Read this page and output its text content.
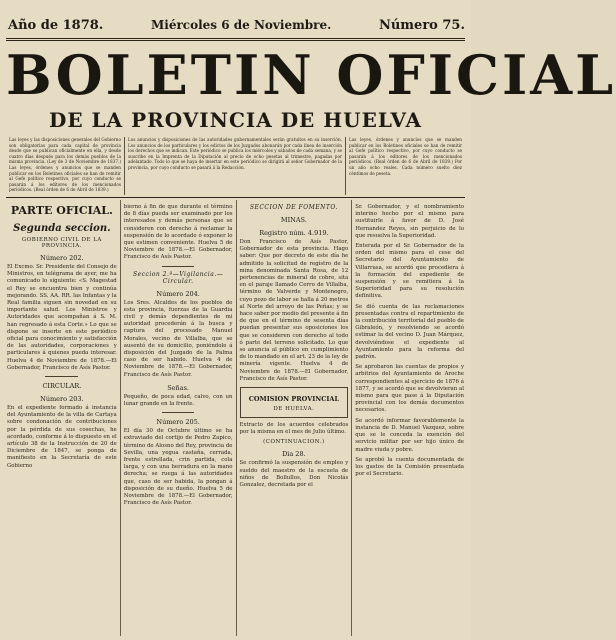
Año de 1878.	Miércoles 6 de Noviembre.	Número 75.
BOLETIN OFICIAL
DE LA PROVINCIA DE HUELVA
Las leyes y las disposiciones generales del Gobierno son obligatorias para cada capital de provincia desde que se publican oficialmente en ella, y desde cuatro días después para los demás pueblos de la misma provincia. (Ley de 3 de Noviembre de 1837.) Las leyes, órdenes y anuncios que se manden publicar en los Boletines oficiales se han de remitir al Gefe político respectivo, por cuyo conducto se pasarán á los editores de los mencionados periódicos. (Real órden de 6 de Abril de 1839.)
Los anuncios y disposiciones de las autoridades gubernamentales serán gratuitos en su inserción. Los anuncios de los particulares y los edictos de los Juzgados abonarán por cada línea de inserción los derechos que se indican. Este periódico se publica los miércoles y sábados de cada semana, y se suscribe en la Imprenta de la Diputación al precio de ocho pesetas al trimestre, pagadas por adelantado. Todo lo que se haya de insertar en este periódico se dirigirá al señor Gobernador de la provincia, por cuyo conducto se pasará á la Redacción.
Las leyes, órdenes y anuncios que se manden publicar en los Boletines oficiales se han de remitir al Gefe político respectivo, por cuyo conducto se pasarán á los editores de los mencionados periódicos. (Real órden de 6 de Abril de 1839.) Por un año ocho reales. Cada número suelto diez céntimos de peseta.
PARTE OFICIAL.
Segunda seccion.
GOBIERNO CIVIL DE LA PROVINCIA.
Número 202.
El Excmo. Sr. Presidente del Consejo de Ministros, en telégrama de ayer, me ha comunicado lo siguiente: «S. Magestad el Rey se encuentra bien y continúa mejorando. SS. AA. RR. las Infantas y la Real familia siguen sin novedad en su importante salud. Los Ministros y Autoridades que acompañan á S. M. han regresado á esta Corte.» Lo que se dispone se inserte en este periódico oficial para conocimiento y satisfacción de las autoridades, corporaciones y particulares á quienes pueda interesar. Huelva 4 de Noviembre de 1878.—El Gobernador, Francisco de Asís Pastor.
CIRCULAR.
Número 203.
En el expediente formado á instancia del Ayuntamiento de la villa de Cartaya sobre condonación de contribuciones por la pérdida de sus cosechas, he acordado, conforme á lo dispuesto en el artículo 38 de la Instrucción de 20 de Diciembre de 1847, se ponga de manifiesto en la Secretaría de este Gobierno
bierno á fin de que durante el término de 8 días pueda ser examinado por los interesados y demás personas que se consideren con derecho á reclamar la suspensión de lo acordado ó exponer lo que estimen conveniente. Huelva 5 de Noviembre de 1878.—El Gobernador, Francisco de Asís Pastor.
Seccion 2.ª—Vigilancia.—Circular.
Número 204.
Los Sres. Alcaldes de los pueblos de esta provincia, fuerzas de la Guardia civil y demás dependientes de mi autoridad procederán á la busca y captura del procesado Manuel Morales, vecino de Villalba, que se ausentó de su domicilio, poniéndole á disposición del Juzgado de la Palma caso de ser habido. Huelva 4 de Noviembre de 1878.—El Gobernador, Francisco de Asís Pastor.
Señas.
Pequeño, de poca edad, calvo, con un lunar grande en la frente.
Número 205.
El día 30 de Octubre último se ha extraviado del cortijo de Pedro Zapico, término de Alosno del Rey, provincia de Sevilla, una yegua castaña, cerrada, frente estrellada, crin partida, cola larga, y con una herradura en la mano derecha; se ruega á las autoridades que, caso de ser habida, la pongan á disposición de su dueño. Huelva 5 de Noviembre de 1878.—El Gobernador, Francisco de Asís Pastor.
SECCION DE FOMENTO.
MINAS.
Registro núm. 4.919.
Don Francisco de Asís Pastor, Gobernador de esta provincia. Hago saber: Que por decreto de este día he admitido la solicitud de registro de la mina denominada Santa Rosa, de 12 pertenencias de mineral de cobre, sita en el paraje llamado Cerro de Villalba, término de Valverde y Montenegro, cuyo pozo de labor se halla á 20 metros al Norte del arroyo de las Peñas; y se hace saber por medio del presente á fin de que en el término de sesenta días puedan presentar sus oposiciones los que se consideren con derecho al todo ó parte del terreno solicitado. Lo que se anuncia al público en cumplimiento de lo mandado en el art. 23 de la ley de minería vigente. Huelva 4 de Noviembre de 1878.—El Gobernador, Francisco de Asís Pastor.
COMISION PROVINCIAL
DE HUELVA.
Extracto de los acuerdos celebrados por la misma en el mes de Julio último.
(CONTINUACION.)
Dia 28.
Se confirmó la suspensión de empleo y sueldo del maestro de la escuela de niños de Bollullos, Don Nicolás Gonzalez, decretada por el
Sr. Gobernador, y el nombramiento interino hecho por el mismo para sustituirle á favor de D. José Hernandez Reyes, sin perjuicio de lo que resuelva la Superioridad.
Enterada por el Sr. Gobernador de la orden del mismo para el cese del Secretario del Ayuntamiento de Villarrasa, se acordó que procediera á la formación del expediente de suspensión y se remitiera á la Superioridad para su resolución definitiva.
Se dió cuenta de las reclamaciones presentadas contra el repartimiento de la contribución territorial del pueblo de Gibraleón, y resolviendo se acordó estimar la del vecino D. Juan Márquez, devolviéndose el expediente al Ayuntamiento para la reforma del padrón.
Se aprobaron las cuentas de propios y arbitrios del Ayuntamiento de Aroche correspondientes al ejercicio de 1876 á 1877, y se acordó que se devolvieran al mismo para que pase á la Diputación provincial con los demás documentos necesarios.
Se acordó informar favorablemente la instancia de D. Manuel Vazquez, sobre que se le conceda la exención del servicio militar por ser hijo único de madre viuda y pobre.
Se aprobó la cuenta documentada de los gastos de la Comisión presentada por el Secretario.
